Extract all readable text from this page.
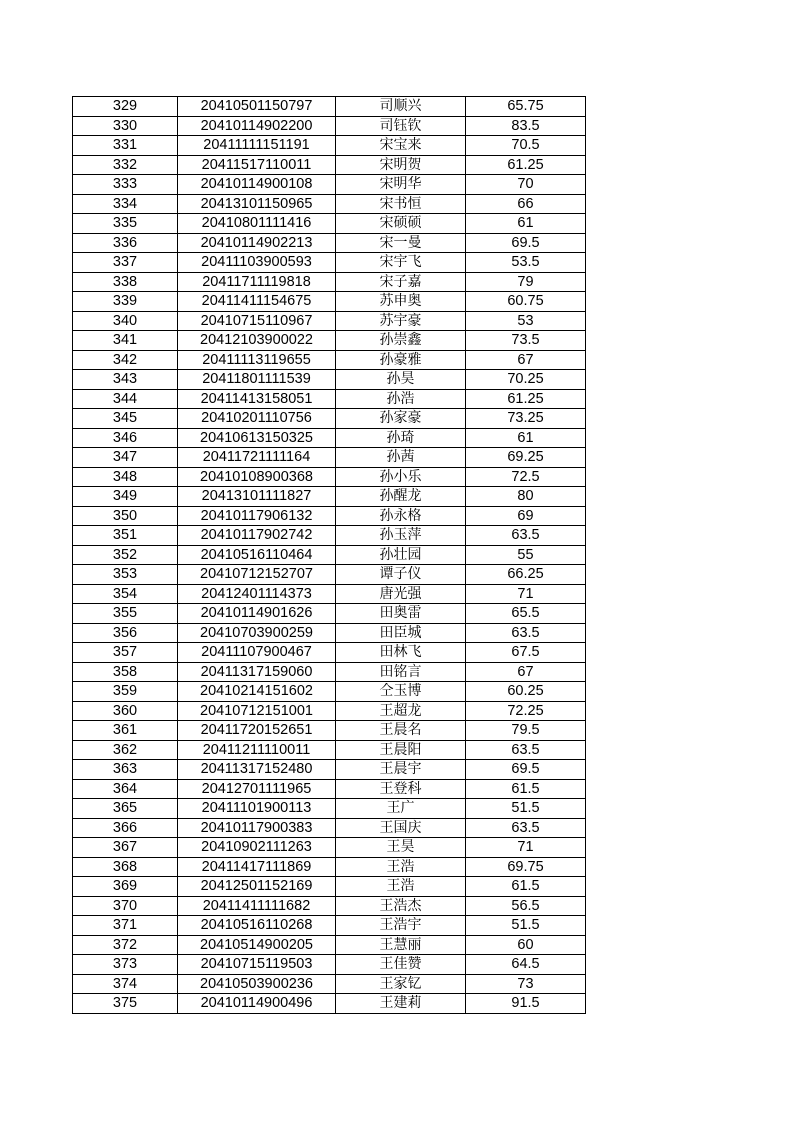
329	20410501150797	司顺兴	65.75
330	20410114902200	司钰钦	83.5
331	20411111151191	宋宝来	70.5
332	20411517110011	宋明贺	61.25
333	20410114900108	宋明华	70
334	20413101150965	宋书恒	66
335	20410801111416	宋硕硕	61
336	20410114902213	宋一曼	69.5
337	20411103900593	宋宇飞	53.5
338	20411711119818	宋子嘉	79
339	20411411154675	苏申奥	60.75
340	20410715110967	苏宇豪	53
341	20412103900022	孙崇鑫	73.5
342	20411113119655	孙豪雅	67
343	20411801111539	孙昊	70.25
344	20411413158051	孙浩	61.25
345	20410201110756	孙家豪	73.25
346	20410613150325	孙琦	61
347	20411721111164	孙茜	69.25
348	20410108900368	孙小乐	72.5
349	20413101111827	孙醒龙	80
350	20410117906132	孙永格	69
351	20410117902742	孙玉萍	63.5
352	20410516110464	孙壮园	55
353	20410712152707	谭子仪	66.25
354	20412401114373	唐光强	71
355	20410114901626	田奥雷	65.5
356	20410703900259	田臣城	63.5
357	20411107900467	田林飞	67.5
358	20411317159060	田铭言	67
359	20410214151602	仝玉博	60.25
360	20410712151001	王超龙	72.25
361	20411720152651	王晨名	79.5
362	20411211110011	王晨阳	63.5
363	20411317152480	王晨宇	69.5
364	20412701111965	王登科	61.5
365	20411101900113	王广	51.5
366	20410117900383	王国庆	63.5
367	20410902111263	王昊	71
368	20411417111869	王浩	69.75
369	20412501152169	王浩	61.5
370	20411411111682	王浩杰	56.5
371	20410516110268	王浩宇	51.5
372	20410514900205	王慧丽	60
373	20410715119503	王佳赞	64.5
374	20410503900236	王家钇	73
375	20410114900496	王建莉	91.5
